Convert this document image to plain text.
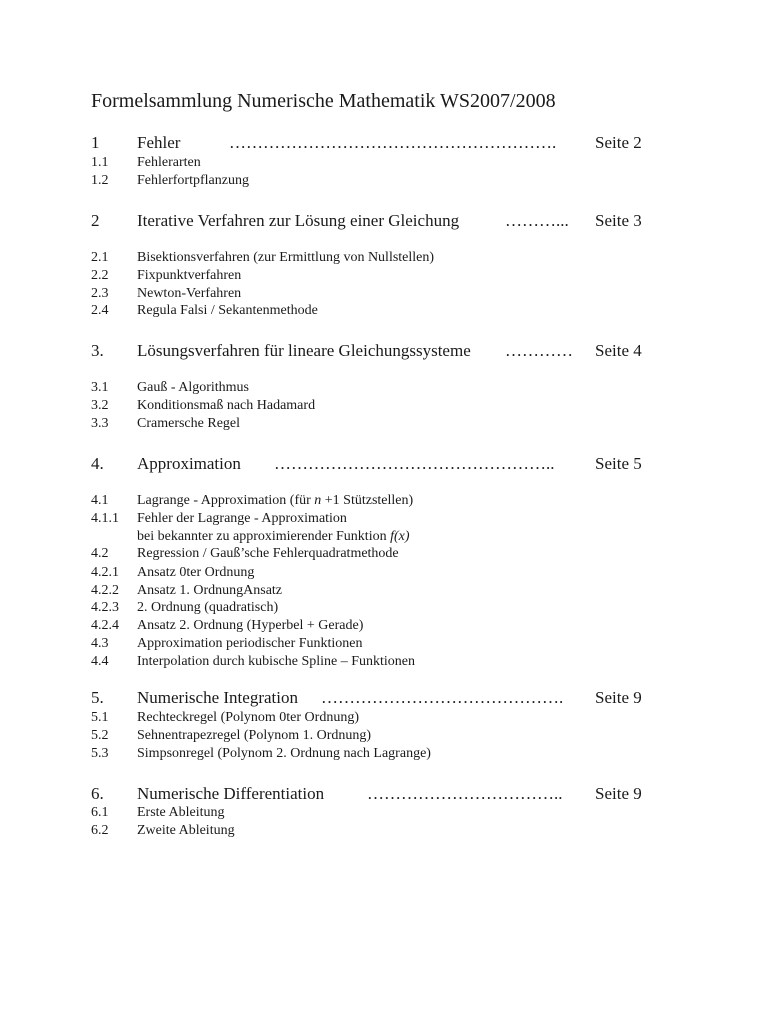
Formelsammlung Numerische Mathematik WS2007/2008
1 Fehler	…………………………………………………. Seite 2
1.1 Fehlerarten
1.2 Fehlerfortpflanzung
2 Iterative Verfahren zur Lösung einer Gleichung	………... Seite 3
2.1 Bisektionsverfahren (zur Ermittlung von Nullstellen)
2.2 Fixpunktverfahren
2.3 Newton-Verfahren
2.4 Regula Falsi / Sekantenmethode
3. Lösungsverfahren für lineare Gleichungssysteme ………… Seite 4
3.1 Gauß - Algorithmus
3.2 Konditionsmaß nach Hadamard
3.3 Cramersche Regel
4. Approximation ………………………………………….. Seite 5
4.1 Lagrange - Approximation (für n +1 Stützstellen)
4.1.1 Fehler der Lagrange - Approximation
bei bekannter zu approximierender Funktion f(x)
4.2 Regression / Gauß’sche Fehlerquadratmethode
4.2.1 Ansatz 0ter Ordnung
4.2.2 Ansatz 1. OrdnungAnsatz
4.2.3 2. Ordnung (quadratisch)
4.2.4 Ansatz 2. Ordnung (Hyperbel + Gerade)
4.3 Approximation periodischer Funktionen
4.4 Interpolation durch kubische Spline – Funktionen
5. Numerische Integration ……………………………………. Seite 9
5.1 Rechteckregel (Polynom 0ter Ordnung)
5.2 Sehnentrapezregel (Polynom 1. Ordnung)
5.3 Simpsonregel (Polynom 2. Ordnung nach Lagrange)
6. Numerische Differentiation	…………………………….. Seite 9
6.1 Erste Ableitung
6.2 Zweite Ableitung
